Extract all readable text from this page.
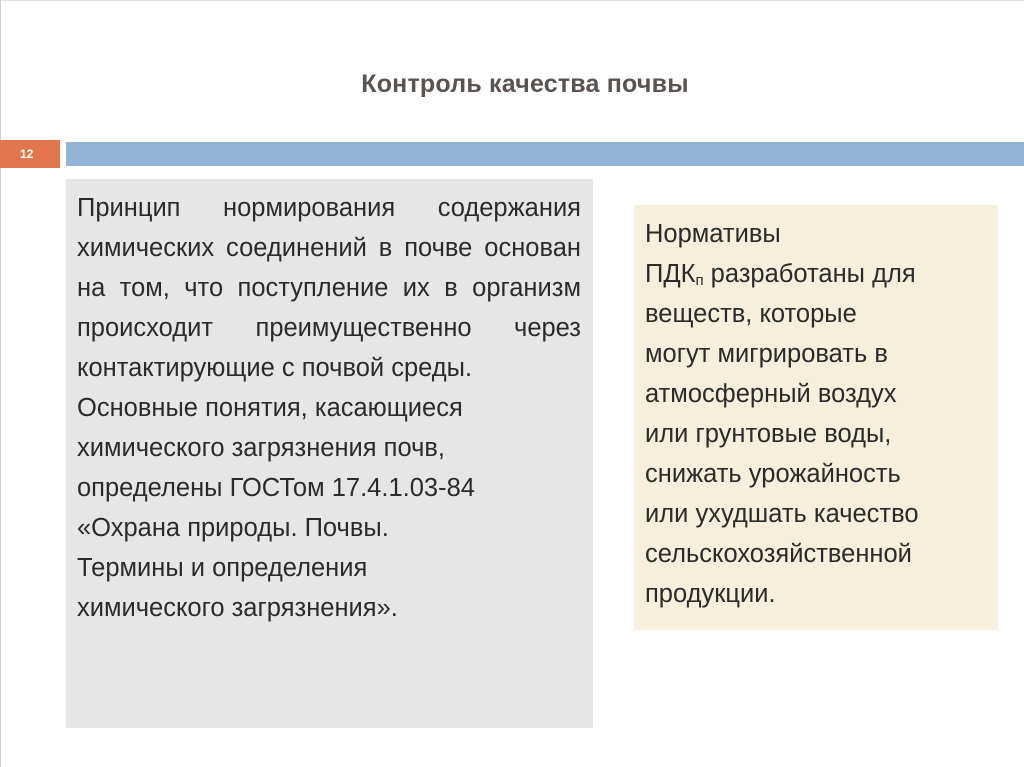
Контроль качества почвы
12

Принцип нормирования содержания химических соединений в почве основан на том, что поступление их в организм происходит преимущественно через контактирующие с почвой среды.

Основные понятия, касающиеся
химического загрязнения почв,
определены ГОСТом 17.4.1.03-84
«Охрана природы. Почвы.
Термины и определения
химического загрязнения».

Нормативы
$ПДК_п$ разработаны для
веществ, которые
могут мигрировать в
атмосферный воздух
или грунтовые воды,
снижать урожайность
или ухудшать качество
сельскохозяйственной
продукции.
